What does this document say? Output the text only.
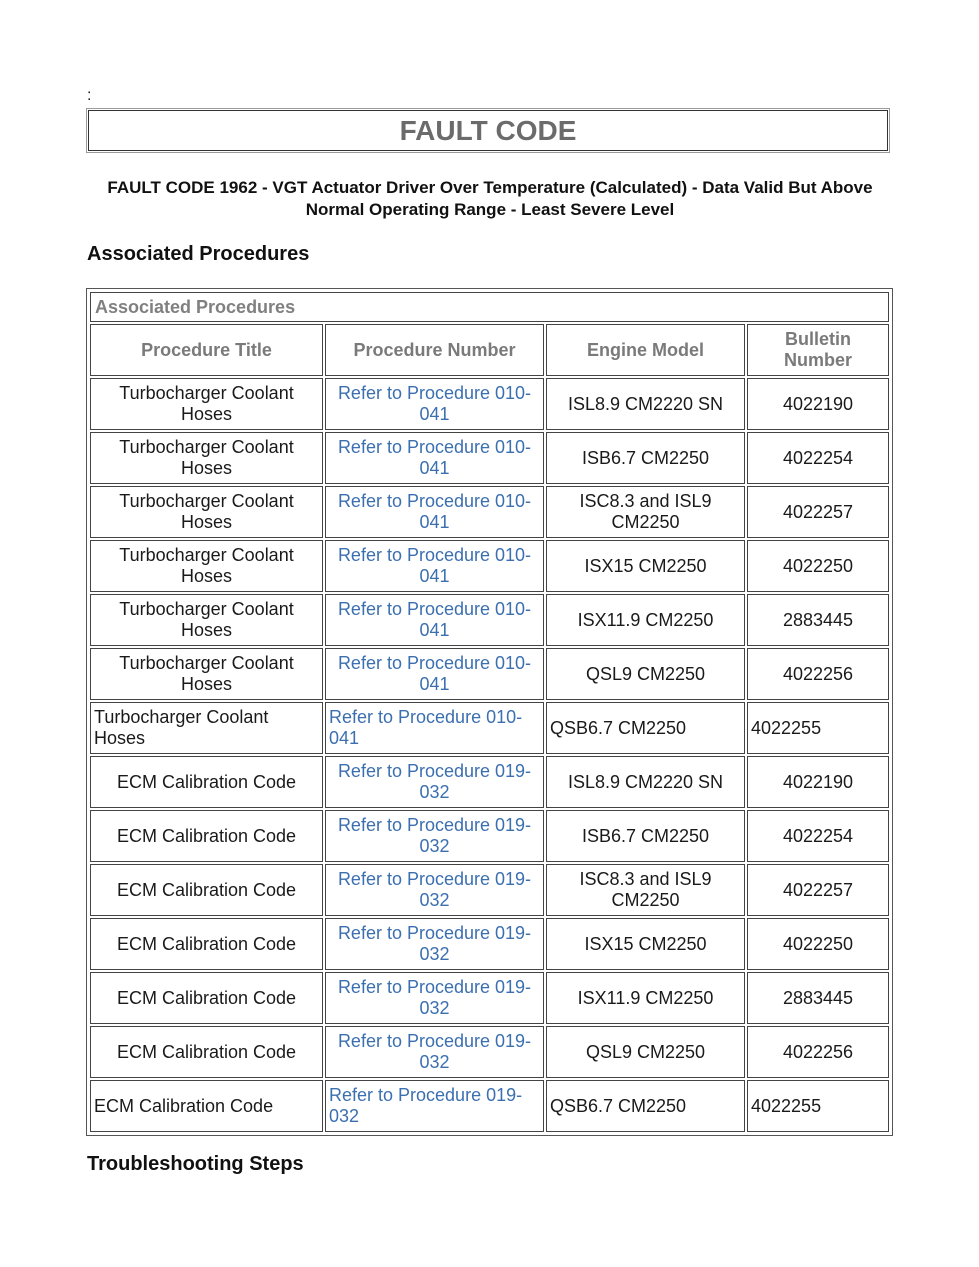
:
FAULT CODE
FAULT CODE 1962 - VGT Actuator Driver Over Temperature (Calculated) - Data Valid But Above Normal Operating Range - Least Severe Level
Associated Procedures
Associated Procedures			
Procedure Title	Procedure Number	Engine Model	Bulletin Number
Turbocharger Coolant Hoses	Refer to Procedure 010-041	ISL8.9 CM2220 SN	4022190
Turbocharger Coolant Hoses	Refer to Procedure 010-041	ISB6.7 CM2250	4022254
Turbocharger Coolant Hoses	Refer to Procedure 010-041	ISC8.3 and ISL9 CM2250	4022257
Turbocharger Coolant Hoses	Refer to Procedure 010-041	ISX15 CM2250	4022250
Turbocharger Coolant Hoses	Refer to Procedure 010-041	ISX11.9 CM2250	2883445
Turbocharger Coolant Hoses	Refer to Procedure 010-041	QSL9 CM2250	4022256
Turbocharger Coolant Hoses	Refer to Procedure 010-041	QSB6.7 CM2250	4022255
ECM Calibration Code	Refer to Procedure 019-032	ISL8.9 CM2220 SN	4022190
ECM Calibration Code	Refer to Procedure 019-032	ISB6.7 CM2250	4022254
ECM Calibration Code	Refer to Procedure 019-032	ISC8.3 and ISL9 CM2250	4022257
ECM Calibration Code	Refer to Procedure 019-032	ISX15 CM2250	4022250
ECM Calibration Code	Refer to Procedure 019-032	ISX11.9 CM2250	2883445
ECM Calibration Code	Refer to Procedure 019-032	QSL9 CM2250	4022256
ECM Calibration Code	Refer to Procedure 019-032	QSB6.7 CM2250	4022255
Troubleshooting Steps
